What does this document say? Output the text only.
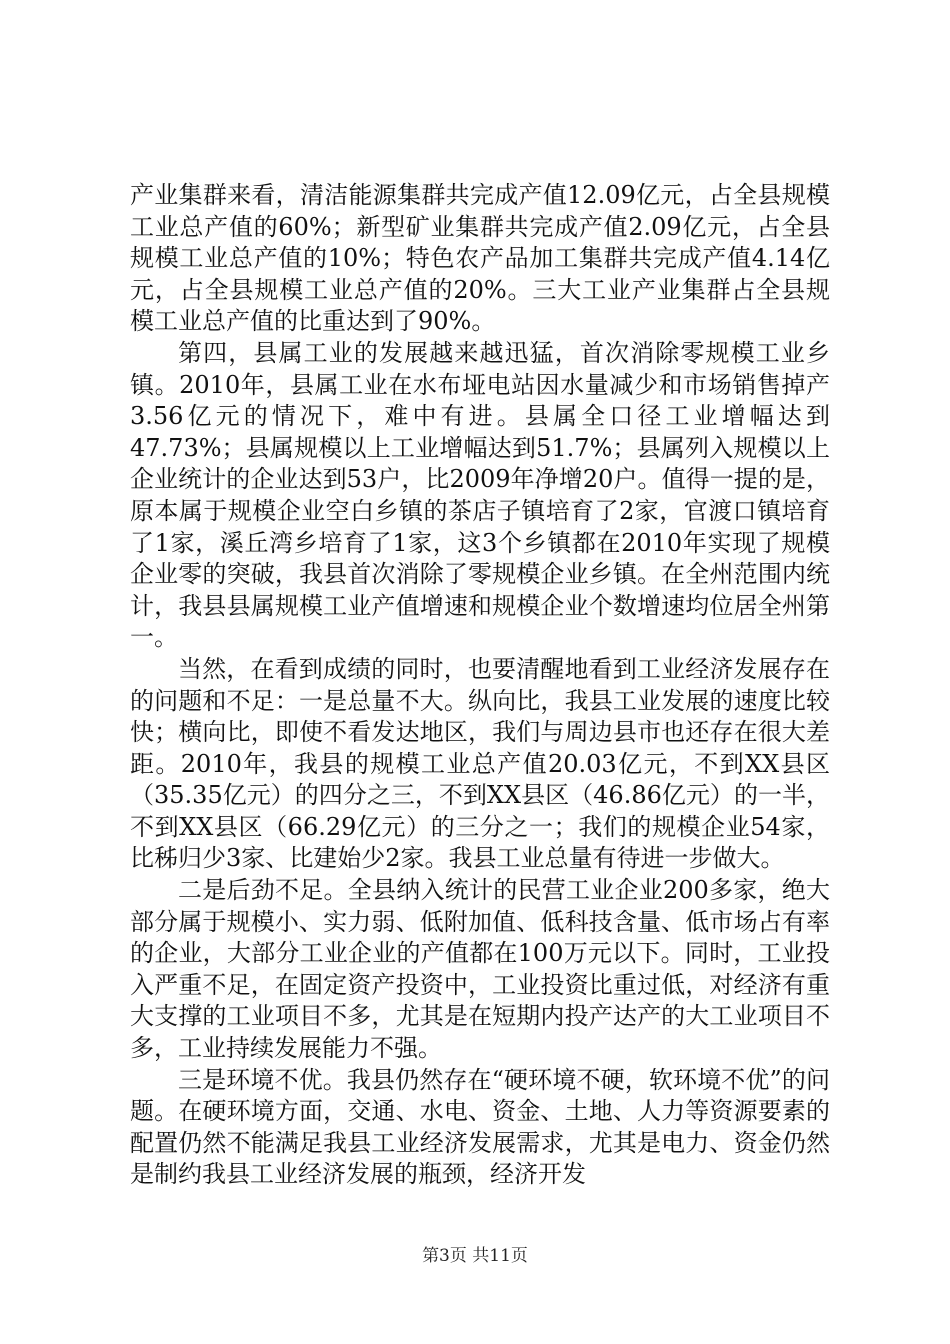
产业集群来看，清洁能源集群共完成产值12.09亿元，占全县规模工业总产值的60%；新型矿业集群共完成产值2.09亿元，占全县规模工业总产值的10%；特色农产品加工集群共完成产值4.14亿元，占全县规模工业总产值的20%。三大工业产业集群占全县规模工业总产值的比重达到了90%。

第四，县属工业的发展越来越迅猛，首次消除零规模工业乡镇。2010年，县属工业在水布垭电站因水量减少和市场销售掉产3.56亿元的情况下，难中有进。县属全口径工业增幅达到47.73%；县属规模以上工业增幅达到51.7%；县属列入规模以上企业统计的企业达到53户，比2009年净增20户。值得一提的是，原本属于规模企业空白乡镇的茶店子镇培育了2家，官渡口镇培育了1家，溪丘湾乡培育了1家，这3个乡镇都在2010年实现了规模企业零的突破，我县首次消除了零规模企业乡镇。在全州范围内统计，我县县属规模工业产值增速和规模企业个数增速均位居全州第一。

当然，在看到成绩的同时，也要清醒地看到工业经济发展存在的问题和不足：一是总量不大。纵向比，我县工业发展的速度比较快；横向比，即使不看发达地区，我们与周边县市也还存在很大差距。2010年，我县的规模工业总产值20.03亿元，不到XX县区（35.35亿元）的四分之三，不到XX县区（46.86亿元）的一半，不到XX县区（66.29亿元）的三分之一；我们的规模企业54家，比秭归少3家、比建始少2家。我县工业总量有待进一步做大。

二是后劲不足。全县纳入统计的民营工业企业200多家，绝大部分属于规模小、实力弱、低附加值、低科技含量、低市场占有率的企业，大部分工业企业的产值都在100万元以下。同时，工业投入严重不足，在固定资产投资中，工业投资比重过低，对经济有重大支撑的工业项目不多，尤其是在短期内投产达产的大工业项目不多，工业持续发展能力不强。

三是环境不优。我县仍然存在“硬环境不硬，软环境不优”的问题。在硬环境方面，交通、水电、资金、土地、人力等资源要素的配置仍然不能满足我县工业经济发展需求，尤其是电力、资金仍然是制约我县工业经济发展的瓶颈，经济开发

第3页 共11页
